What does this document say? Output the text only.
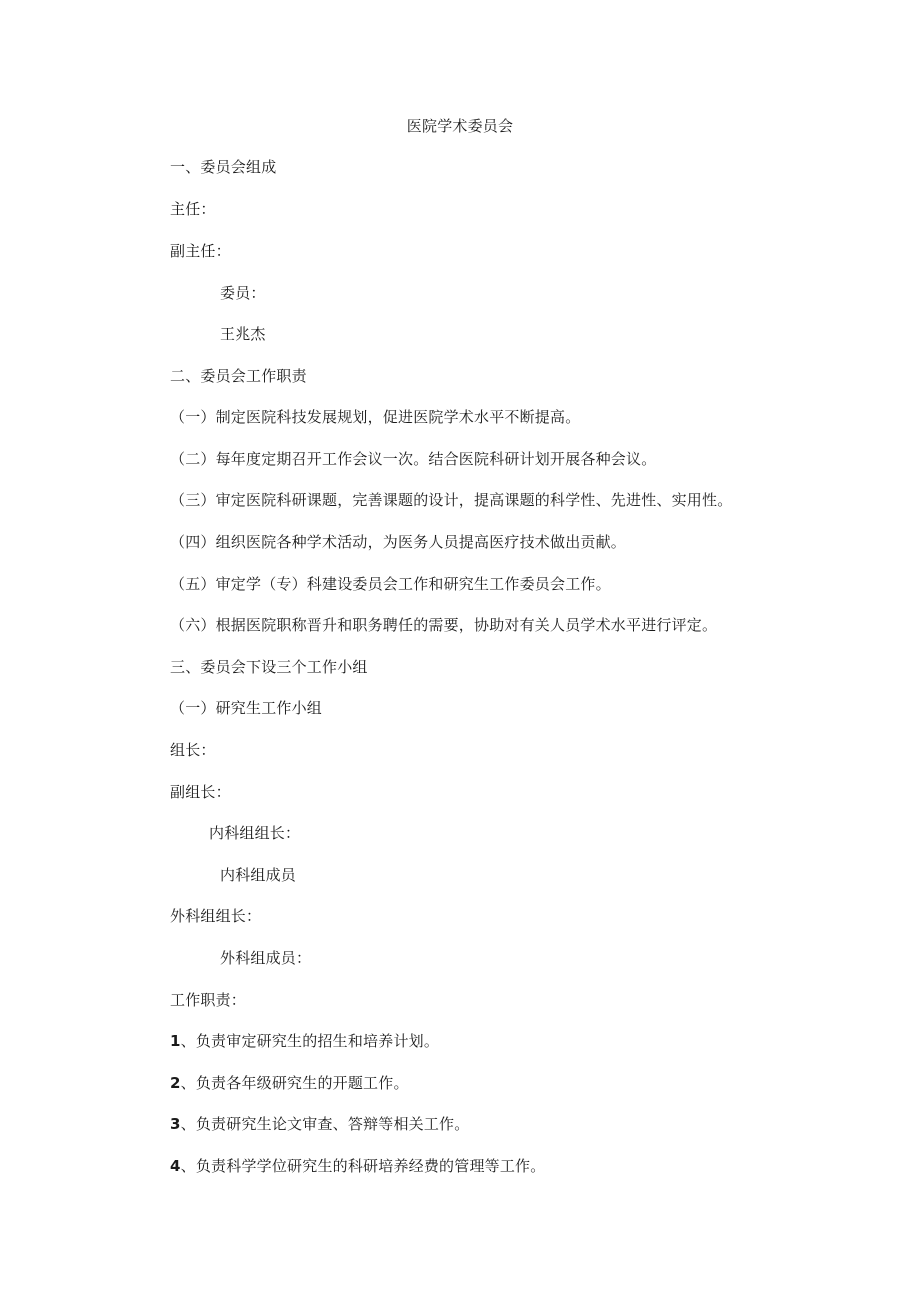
医院学术委员会
一、委员会组成
主任：
副主任：
委员：
王兆杰
二、委员会工作职责
（一）制定医院科技发展规划，促进医院学术水平不断提高。
（二）每年度定期召开工作会议一次。结合医院科研计划开展各种会议。
（三）审定医院科研课题，完善课题的设计，提高课题的科学性、先进性、实用性。
（四）组织医院各种学术活动，为医务人员提高医疗技术做出贡献。
（五）审定学（专）科建设委员会工作和研究生工作委员会工作。
（六）根据医院职称晋升和职务聘任的需要，协助对有关人员学术水平进行评定。
三、委员会下设三个工作小组
（一）研究生工作小组
组长：
副组长：
内科组组长：
内科组成员
外科组组长：
外科组成员：
工作职责：
1、负责审定研究生的招生和培养计划。
2、负责各年级研究生的开题工作。
3、负责研究生论文审查、答辩等相关工作。
4、负责科学学位研究生的科研培养经费的管理等工作。
